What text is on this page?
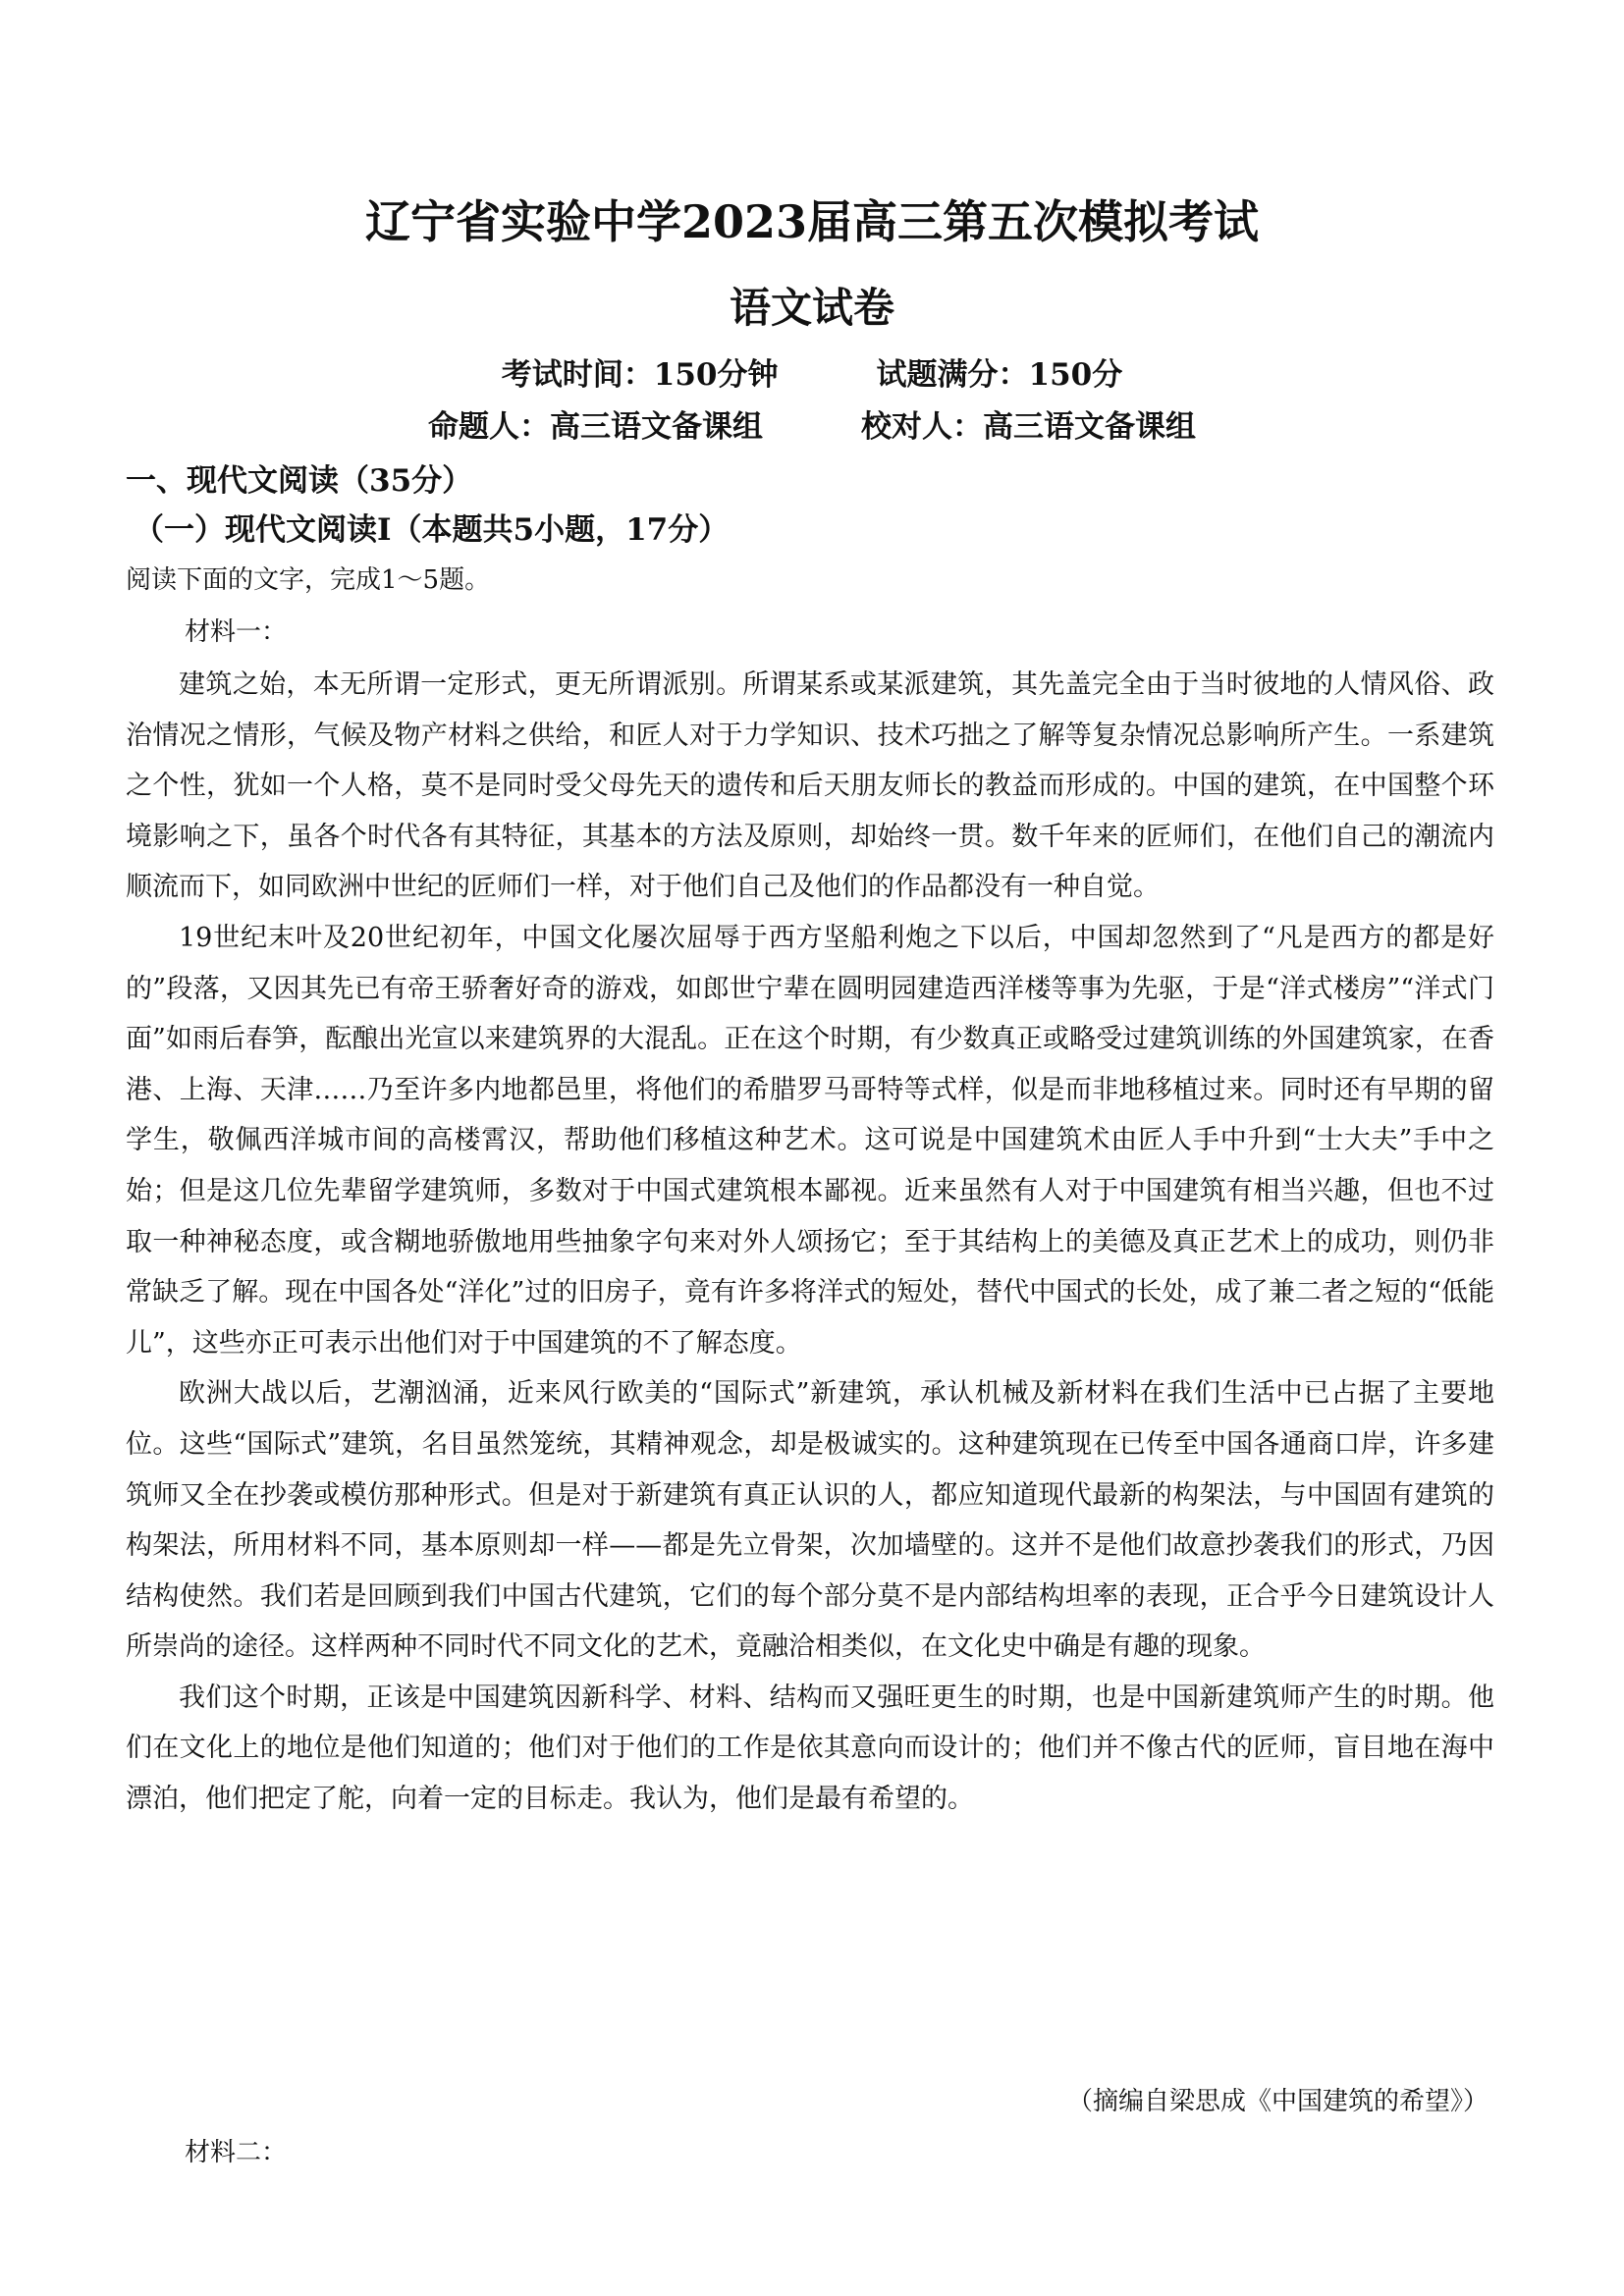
辽宁省实验中学2023届高三第五次模拟考试
语文试卷
考试时间：150分钟	试题满分：150分
命题人：高三语文备课组	校对人：高三语文备课组
一、现代文阅读（35分）
（一）现代文阅读I（本题共5小题，17分）
阅读下面的文字，完成1～5题。
材料一：

建筑之始，本无所谓一定形式，更无所谓派别。所谓某系或某派建筑，其先盖完全由于当时彼地的人情风俗、政治情况之情形，气候及物产材料之供给，和匠人对于力学知识、技术巧拙之了解等复杂情况总影响所产生。一系建筑之个性，犹如一个人格，莫不是同时受父母先天的遗传和后天朋友师长的教益而形成的。中国的建筑，在中国整个环境影响之下，虽各个时代各有其特征，其基本的方法及原则，却始终一贯。数千年来的匠师们，在他们自己的潮流内顺流而下，如同欧洲中世纪的匠师们一样，对于他们自己及他们的作品都没有一种自觉。

19世纪末叶及20世纪初年，中国文化屡次屈辱于西方坚船利炮之下以后，中国却忽然到了“凡是西方的都是好的”段落，又因其先已有帝王骄奢好奇的游戏，如郎世宁辈在圆明园建造西洋楼等事为先驱，于是“洋式楼房”“洋式门面”如雨后春笋，酝酿出光宣以来建筑界的大混乱。正在这个时期，有少数真正或略受过建筑训练的外国建筑家，在香港、上海、天津……乃至许多内地都邑里，将他们的希腊罗马哥特等式样，似是而非地移植过来。同时还有早期的留学生，敬佩西洋城市间的高楼霄汉，帮助他们移植这种艺术。这可说是中国建筑术由匠人手中升到“士大夫”手中之始；但是这几位先辈留学建筑师，多数对于中国式建筑根本鄙视。近来虽然有人对于中国建筑有相当兴趣，但也不过取一种神秘态度，或含糊地骄傲地用些抽象字句来对外人颂扬它；至于其结构上的美德及真正艺术上的成功，则仍非常缺乏了解。现在中国各处“洋化”过的旧房子，竟有许多将洋式的短处，替代中国式的长处，成了兼二者之短的“低能儿”，这些亦正可表示出他们对于中国建筑的不了解态度。

欧洲大战以后，艺潮汹涌，近来风行欧美的“国际式”新建筑，承认机械及新材料在我们生活中已占据了主要地位。这些“国际式”建筑，名目虽然笼统，其精神观念，却是极诚实的。这种建筑现在已传至中国各通商口岸，许多建筑师又全在抄袭或模仿那种形式。但是对于新建筑有真正认识的人，都应知道现代最新的构架法，与中国固有建筑的构架法，所用材料不同，基本原则却一样——都是先立骨架，次加墙壁的。这并不是他们故意抄袭我们的形式，乃因结构使然。我们若是回顾到我们中国古代建筑，它们的每个部分莫不是内部结构坦率的表现，正合乎今日建筑设计人所崇尚的途径。这样两种不同时代不同文化的艺术，竟融洽相类似，在文化史中确是有趣的现象。

我们这个时期，正该是中国建筑因新科学、材料、结构而又强旺更生的时期，也是中国新建筑师产生的时期。他们在文化上的地位是他们知道的；他们对于他们的工作是依其意向而设计的；他们并不像古代的匠师，盲目地在海中漂泊，他们把定了舵，向着一定的目标走。我认为，他们是最有希望的。

（摘编自梁思成《中国建筑的希望》）
材料二：
